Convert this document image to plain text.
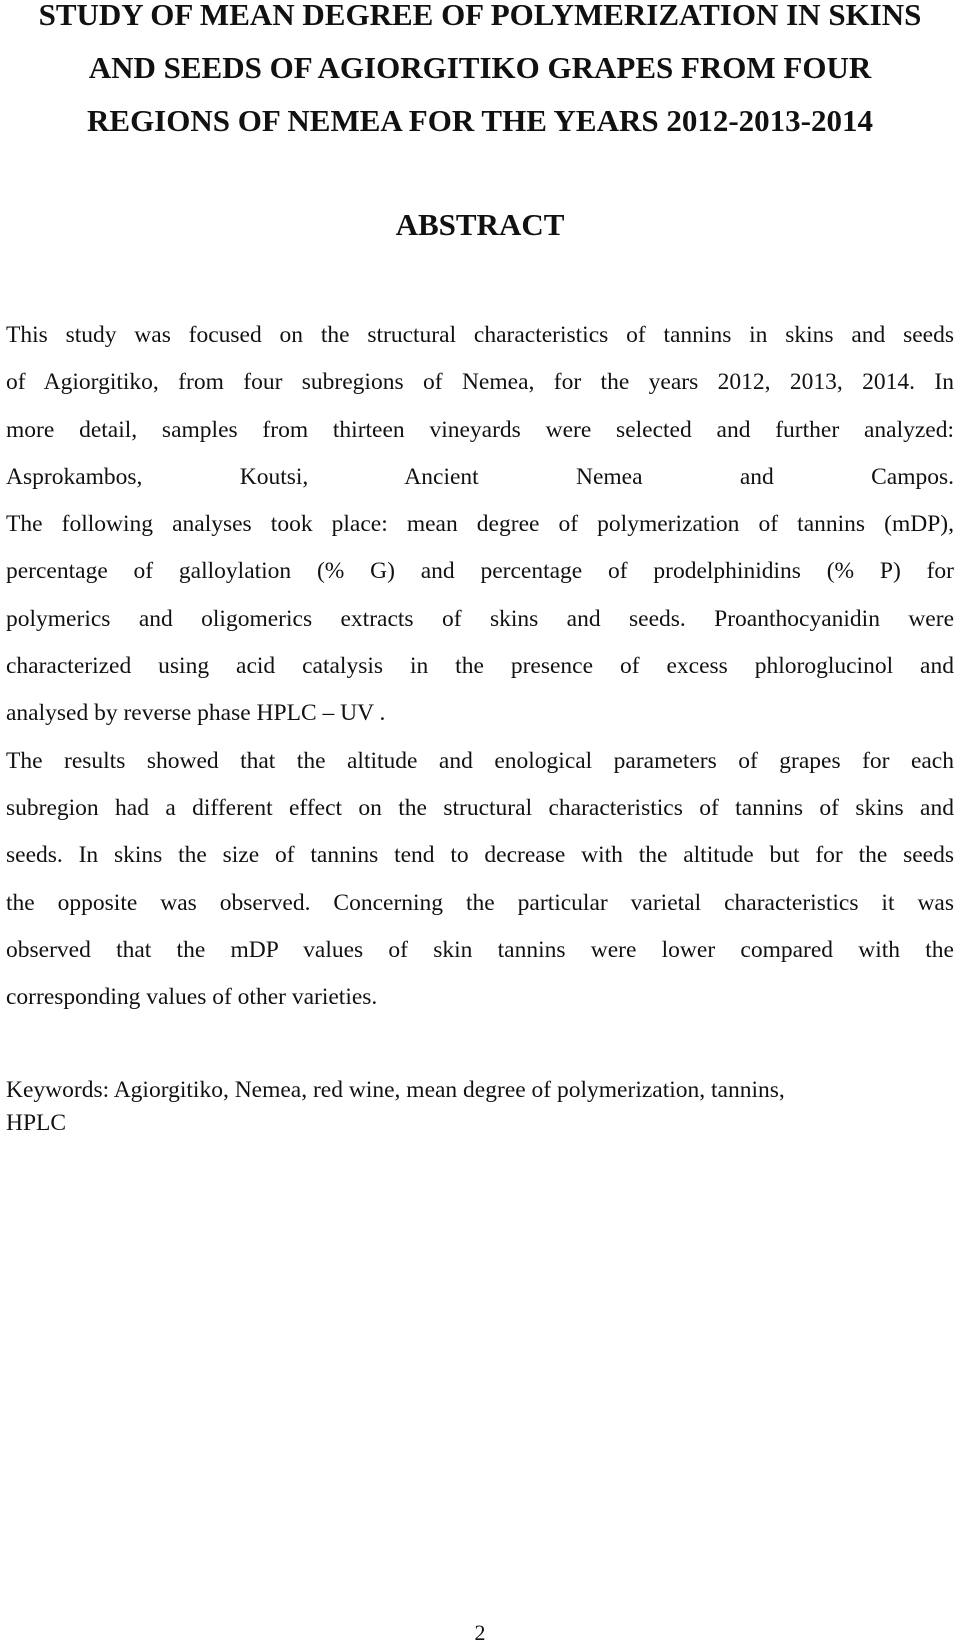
STUDY OF MEAN DEGREE OF POLYMERIZATION IN SKINS
AND SEEDS OF AGIORGITIKO GRAPES FROM FOUR
REGIONS OF NEMEA FOR THE YEARS 2012-2013-2014
ABSTRACT
This study was focused on the structural characteristics of tannins in skins and seeds
of Agiorgitiko, from four subregions of Nemea, for the years 2012, 2013, 2014. In
more detail, samples from thirteen vineyards were selected and further analyzed:
Asprokambos, Koutsi, Ancient Nemea and Campos.
The following analyses took place: mean degree of polymerization of tannins (mDP),
percentage of galloylation (% G) and percentage of prodelphinidins (% P) for
polymerics and oligomerics extracts of skins and seeds. Proanthocyanidin were
characterized using acid catalysis in the presence of excess phloroglucinol and
analysed by reverse phase HPLC – UV .
The results showed that the altitude and enological parameters of grapes for each
subregion had a different effect on the structural characteristics of tannins of skins and
seeds. In skins the size of tannins tend to decrease with the altitude but for the seeds
the opposite was observed. Concerning the particular varietal characteristics it was
observed that the mDP values of skin tannins were lower compared with the
corresponding values of other varieties.
Keywords: Agiorgitiko, Nemea, red wine, mean degree of polymerization, tannins,
HPLC
2
